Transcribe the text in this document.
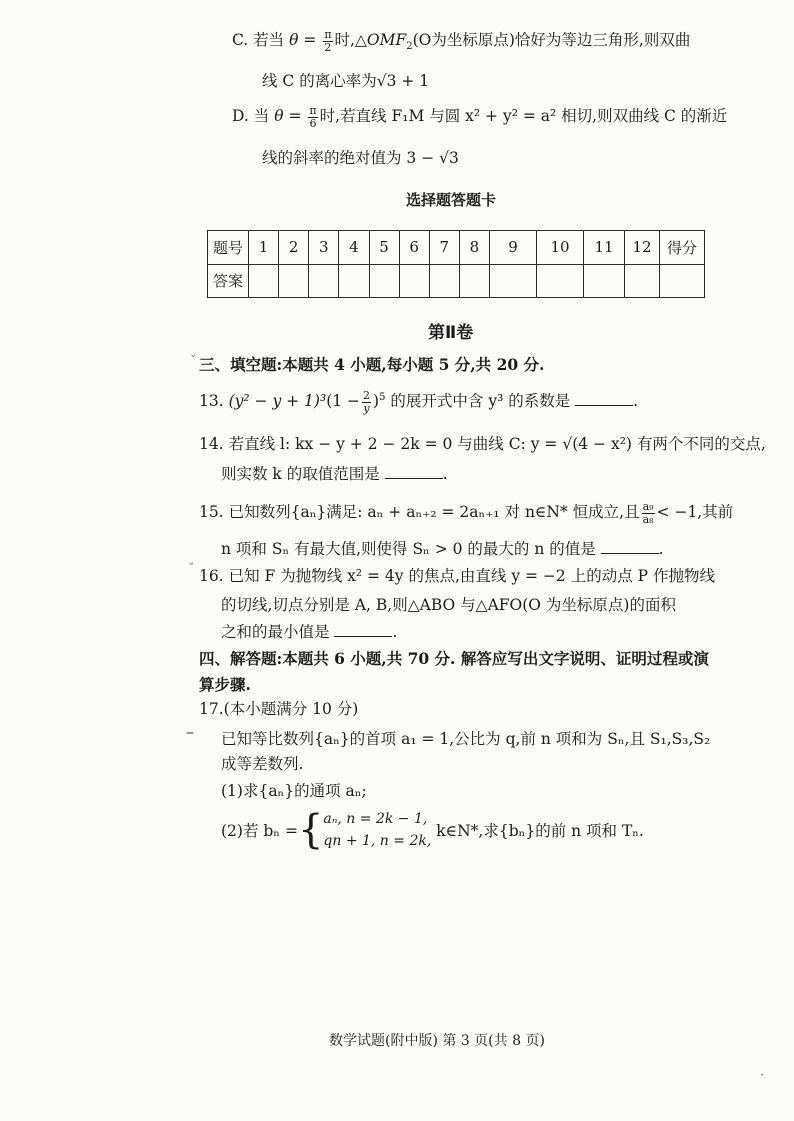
C. 若当 $\theta = \frac{\pi}{2}$ 时$,\triangle OMF_2(O$为坐标原点)恰好为等边三角形,则双曲
线 C 的离心率为√3 + 1
D. 当 $\theta = \frac{\pi}{6}$ 时,若直线 F₁M 与圆 x² + y² = a² 相切,则双曲线 C 的渐近
线的斜率的绝对值为 3 − √3
选择题答题卡
题号	1	2	3	4	5	6	7	8	9	10	11	12	得分
答案													
第Ⅱ卷
三、填空题:本题共 4 小题,每小题 5 分,共 20 分.
ˇ
13. $(y^2 - y + 1)^3(1 - \frac{2}{y} )^5$ 的展开式中含 y³ 的系数是	.
14. 若直线 l: kx − y + 2 − 2k = 0 与曲线 C: y = √(4 − x²) 有两个不同的交点,
则实数 k 的取值范围是	.
15. 已知数列{aₙ}满足: aₙ + aₙ₊₂ = 2aₙ₊₁ 对 n∈N* 恒成立,且 $\frac{\text{a₉}}{\text{a₈}} < -1$,其前
n 项和 Sₙ 有最大值,则使得 Sₙ > 0 的最大的 n 的值是	.
˘ 16. 已知 F 为抛物线 x² = 4y 的焦点,由直线 y = −2 上的动点 P 作抛物线
的切线,切点分别是 A, B,则△ABO 与△AFO(O 为坐标原点)的面积
之和的最小值是	.
四、解答题:本题共 6 小题,共 70 分. 解答应写出文字说明、证明过程或演
算步骤.
17.(本小题满分 10 分)
– 已知等比数列{aₙ}的首项 a₁ = 1,公比为 q,前 n 项和为 Sₙ,且 S₁,S₃,S₂
成等差数列.
(1)求{aₙ}的通项 aₙ;
(2)若 bₙ ={ aₙ, n = 2k − 1,
qn + 1, n = 2k,
k∈N*,求{bₙ}的前 n 项和 Tₙ.
数学试题(附中版) 第 3 页(共 8 页)
·
